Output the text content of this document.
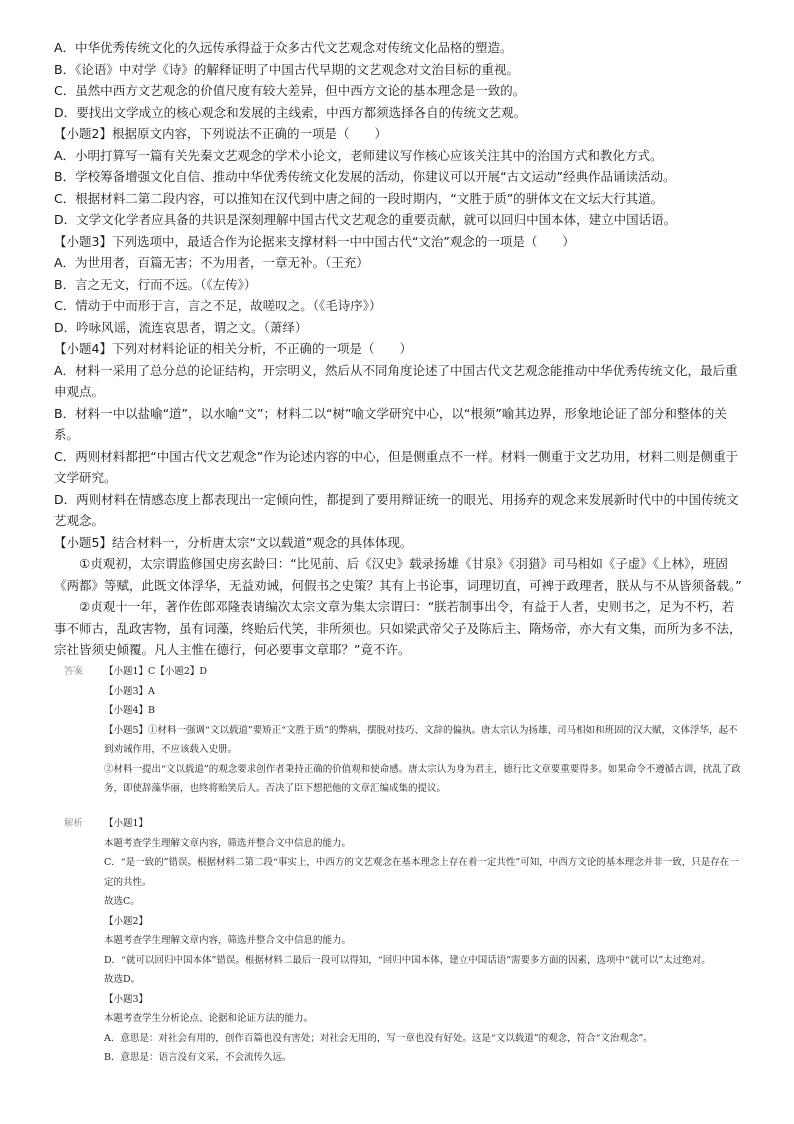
A．中华优秀传统文化的久远传承得益于众多古代文艺观念对传统文化品格的塑造。

B．《论语》中对学《诗》的解释证明了中国古代早期的文艺观念对文治目标的重视。

C．虽然中西方文艺观念的价值尺度有较大差异，但中西方文论的基本理念是一致的。

D．要找出文学成立的核心观念和发展的主线索，中西方都须选择各自的传统文艺观。

【小题2】根据原文内容，下列说法不正确的一项是（　　）

A．小明打算写一篇有关先秦文艺观念的学术小论文，老师建议写作核心应该关注其中的治国方式和教化方式。

B．学校筹备增强文化自信、推动中华优秀传统文化发展的活动，你建议可以开展“古文运动”经典作品诵读活动。

C．根据材料二第二段内容，可以推知在汉代到中唐之间的一段时期内，“文胜于质”的骈体文在文坛大行其道。

D．文学文化学者应具备的共识是深刻理解中国古代文艺观念的重要贡献，就可以回归中国本体，建立中国话语。

【小题3】下列选项中，最适合作为论据来支撑材料一中中国古代“文治”观念的一项是（　　）

A．为世用者，百篇无害；不为用者，一章无补。（王充）

B．言之无文，行而不远。（《左传》）

C．情动于中而形于言，言之不足，故嗟叹之。（《毛诗序》）

D．吟咏风谣，流连哀思者，谓之文。（萧绎）

【小题4】下列对材料论证的相关分析，不正确的一项是（　　）

A．材料一采用了总分总的论证结构，开宗明义，然后从不同角度论述了中国古代文艺观念能推动中华优秀传统文化，最后重申观点。

B．材料一中以盐喻“道”，以水喻“文”；材料二以“树”喻文学研究中心，以“根须”喻其边界，形象地论证了部分和整体的关系。

C．两则材料都把“中国古代文艺观念”作为论述内容的中心，但是侧重点不一样。材料一侧重于文艺功用，材料二则是侧重于文学研究。

D．两则材料在情感态度上都表现出一定倾向性，都提到了要用辩证统一的眼光、用扬弃的观念来发展新时代中的中国传统文艺观念。

【小题5】结合材料一，分析唐太宗“文以载道”观念的具体体现。

①贞观初，太宗谓监修国史房玄龄曰：“比见前、后《汉史》载录扬雄《甘泉》《羽猎》司马相如《子虚》《上林》，班固《两都》等赋，此既文体浮华，无益劝诫，何假书之史策？其有上书论事，词理切直，可裨于政理者，朕从与不从皆须备载。”

②贞观十一年，著作佐郎邓隆表请编次太宗文章为集太宗谓曰：“朕若制事出令，有益于人者，史则书之，足为不朽，若事不师古，乱政害物，虽有词藻，终贻后代笑，非所须也。只如梁武帝父子及陈后主、隋炀帝，亦大有文集，而所为多不法，宗社皆须史倾覆。凡人主惟在德行，何必要事文章耶？”竟不许。

答案	【小题1】C【小题2】D

【小题3】A

【小题4】B

【小题5】①材料一强调“文以载道”要矫正“文胜于质”的弊病，摆脱对技巧、文辞的偏执。唐太宗认为扬雄、司马相如和班固的汉大赋，文体浮华，起不到劝诫作用，不应该载入史册。

②材料一提出“文以载道”的观念要求创作者秉持正确的价值观和使命感。唐太宗认为身为君主，德行比文章要重要得多。如果命令不遵循古训，扰乱了政务，即使辞藻华丽，也终将贻笑后人。否决了臣下想把他的文章汇编成集的提议。

解析	【小题1】

本题考查学生理解文章内容，筛选并整合文中信息的能力。

C．“是一致的”错误。根据材料二第二段“事实上，中西方的文艺观念在基本理念上存在着一定共性”可知，中西方文论的基本理念并非一致，只是存在一定的共性。

故选C。

【小题2】

本题考查学生理解文章内容，筛选并整合文中信息的能力。

D．“就可以回归中国本体”错误。根据材料二最后一段可以得知，“回归中国本体，建立中国话语”需要多方面的因素，选项中“就可以”太过绝对。

故选D。

【小题3】

本题考查学生分析论点、论据和论证方法的能力。

A．意思是：对社会有用的，创作百篇也没有害处；对社会无用的，写一章也没有好处。这是“文以载道”的观念，符合“文治观念”。

B．意思是：语言没有文采，不会流传久远。
